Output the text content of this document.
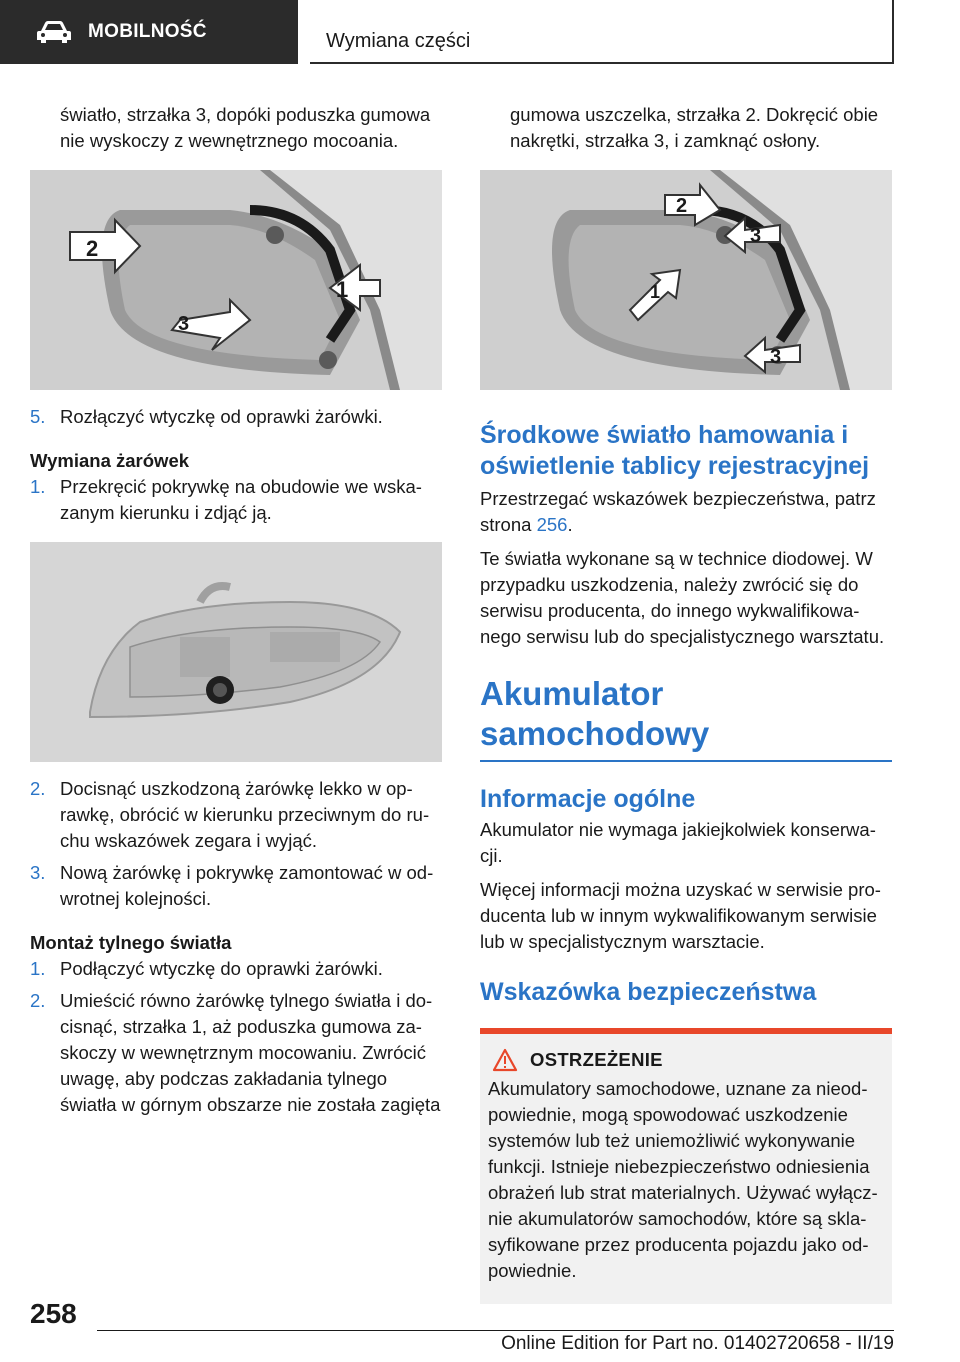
MOBILNOŚĆ	Wymiana części

światło, strzałka 3, dopóki poduszka gumowa nie wyskoczy z wewnętrznego mocoania.

2
1
3
5. Rozłączyć wtyczkę od oprawki żarówki.
Wymiana żarówek
1. Przekręcić pokrywkę na obudowie we wskazanym kierunku i zdjąć ją.
2. Docisnąć uszkodzoną żarówkę lekko w oprawkę, obrócić w kierunku przeciwnym do ruchu wskazówek zegara i wyjąć.
3. Nową żarówkę i pokrywkę zamontować w odwrotnej kolejności.
Montaż tylnego światła
1. Podłączyć wtyczkę do oprawki żarówki.
2. Umieścić równo żarówkę tylnego światła i docisnąć, strzałka 1, aż poduszka gumowa zaskoczy w wewnętrznym mocowaniu. Zwrócić uwagę, aby podczas zakładania tylnego światła w górnym obszarze nie została zagięta

gumowa uszczelka, strzałka 2. Dokręcić obie nakrętki, strzałka 3, i zamknąć osłony.

2
3
1
3
Środkowe światło hamowania i oświetlenie tablicy rejestracyjnej

Przestrzegać wskazówek bezpieczeństwa, patrz strona 256.

Te światła wykonane są w technice diodowej. W przypadku uszkodzenia, należy zwrócić się do serwisu producenta, do innego wykwalifikowanego serwisu lub do specjalistycznego warsztatu.

Akumulator samochodowy
Informacje ogólne

Akumulator nie wymaga jakiejkolwiek konserwacji.

Więcej informacji można uzyskać w serwisie producenta lub w innym wykwalifikowanym serwisie lub w specjalistycznym warsztacie.

Wskazówka bezpieczeństwa
OSTRZEŻENIE

Akumulatory samochodowe, uznane za nieodpowiednie, mogą spowodować uszkodzenie systemów lub też uniemożliwić wykonywanie funkcji. Istnieje niebezpieczeństwo odniesienia obrażeń lub strat materialnych. Używać wyłącznie akumulatorów samochodów, które są sklasyfikowane przez producenta pojazdu jako odpowiednie.

258
Online Edition for Part no. 01402720658 - II/19
